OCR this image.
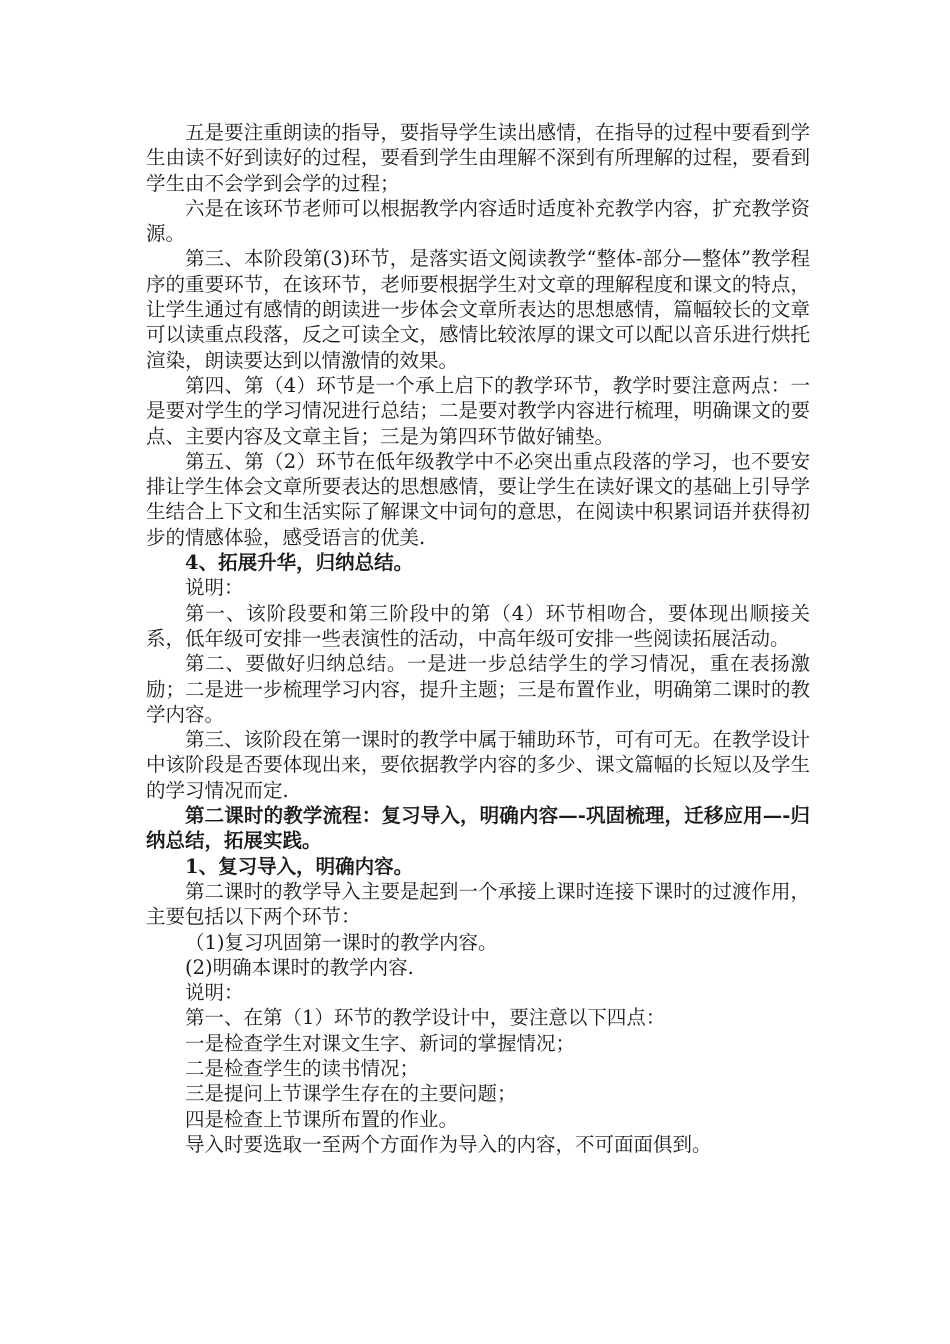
五是要注重朗读的指导，要指导学生读出感情，在指导的过程中要看到学生由读不好到读好的过程，要看到学生由理解不深到有所理解的过程，要看到学生由不会学到会学的过程；

六是在该环节老师可以根据教学内容适时适度补充教学内容，扩充教学资源。

第三、本阶段第(3)环节，是落实语文阅读教学“整体-部分—整体”教学程序的重要环节，在该环节，老师要根据学生对文章的理解程度和课文的特点，让学生通过有感情的朗读进一步体会文章所表达的思想感情，篇幅较长的文章可以读重点段落，反之可读全文，感情比较浓厚的课文可以配以音乐进行烘托渲染，朗读要达到以情激情的效果。

第四、第（4）环节是一个承上启下的教学环节，教学时要注意两点：一是要对学生的学习情况进行总结；二是要对教学内容进行梳理，明确课文的要点、主要内容及文章主旨；三是为第四环节做好铺垫。

第五、第（2）环节在低年级教学中不必突出重点段落的学习，也不要安排让学生体会文章所要表达的思想感情，要让学生在读好课文的基础上引导学生结合上下文和生活实际了解课文中词句的意思，在阅读中积累词语并获得初步的情感体验，感受语言的优美.

4、拓展升华，归纳总结。

说明：

第一、该阶段要和第三阶段中的第（4）环节相吻合，要体现出顺接关系，低年级可安排一些表演性的活动，中高年级可安排一些阅读拓展活动。

第二、要做好归纳总结。一是进一步总结学生的学习情况，重在表扬激励；二是进一步梳理学习内容，提升主题；三是布置作业，明确第二课时的教学内容。

第三、该阶段在第一课时的教学中属于辅助环节，可有可无。在教学设计中该阶段是否要体现出来，要依据教学内容的多少、课文篇幅的长短以及学生的学习情况而定.

第二课时的教学流程：复习导入，明确内容—-巩固梳理，迁移应用—-归纳总结，拓展实践。

1、复习导入，明确内容。

第二课时的教学导入主要是起到一个承接上课时连接下课时的过渡作用，主要包括以下两个环节：

（1)复习巩固第一课时的教学内容。

(2)明确本课时的教学内容.

说明：

第一、在第（1）环节的教学设计中，要注意以下四点：

一是检查学生对课文生字、新词的掌握情况；

二是检查学生的读书情况；

三是提问上节课学生存在的主要问题；

四是检查上节课所布置的作业。

导入时要选取一至两个方面作为导入的内容，不可面面俱到。
